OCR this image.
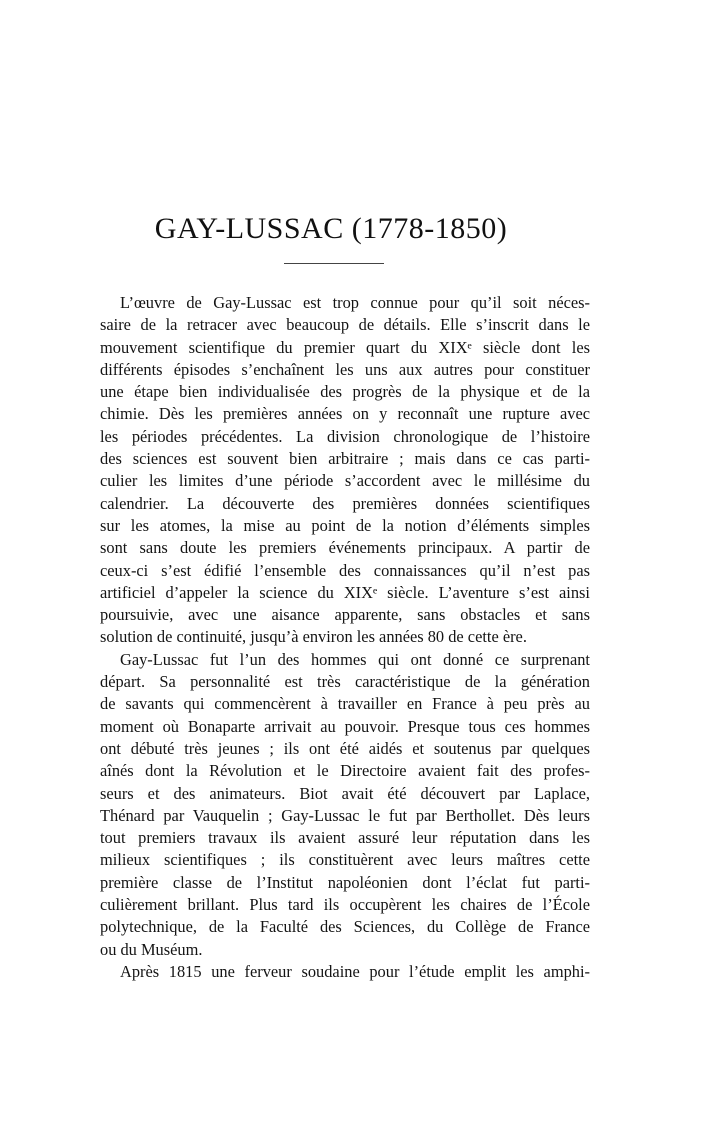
GAY-LUSSAC (1778-1850)
L’œuvre de Gay-Lussac est trop connue pour qu’il soit néces-
saire de la retracer avec beaucoup de détails. Elle s’inscrit dans le
mouvement scientifique du premier quart du XIXᵉ siècle dont les
différents épisodes s’enchaînent les uns aux autres pour constituer
une étape bien individualisée des progrès de la physique et de la
chimie. Dès les premières années on y reconnaît une rupture avec
les périodes précédentes. La division chronologique de l’histoire
des sciences est souvent bien arbitraire ; mais dans ce cas parti-
culier les limites d’une période s’accordent avec le millésime du
calendrier. La découverte des premières données scientifiques
sur les atomes, la mise au point de la notion d’éléments simples
sont sans doute les premiers événements principaux. A partir de
ceux-ci s’est édifié l’ensemble des connaissances qu’il n’est pas
artificiel d’appeler la science du XIXᵉ siècle. L’aventure s’est ainsi
poursuivie, avec une aisance apparente, sans obstacles et sans
solution de continuité, jusqu’à environ les années 80 de cette ère.
Gay-Lussac fut l’un des hommes qui ont donné ce surprenant
départ. Sa personnalité est très caractéristique de la génération
de savants qui commencèrent à travailler en France à peu près au
moment où Bonaparte arrivait au pouvoir. Presque tous ces hommes
ont débuté très jeunes ; ils ont été aidés et soutenus par quelques
aînés dont la Révolution et le Directoire avaient fait des profes-
seurs et des animateurs. Biot avait été découvert par Laplace,
Thénard par Vauquelin ; Gay-Lussac le fut par Berthollet. Dès leurs
tout premiers travaux ils avaient assuré leur réputation dans les
milieux scientifiques ; ils constituèrent avec leurs maîtres cette
première classe de l’Institut napoléonien dont l’éclat fut parti-
culièrement brillant. Plus tard ils occupèrent les chaires de l’École
polytechnique, de la Faculté des Sciences, du Collège de France
ou du Muséum.
Après 1815 une ferveur soudaine pour l’étude emplit les amphi-
